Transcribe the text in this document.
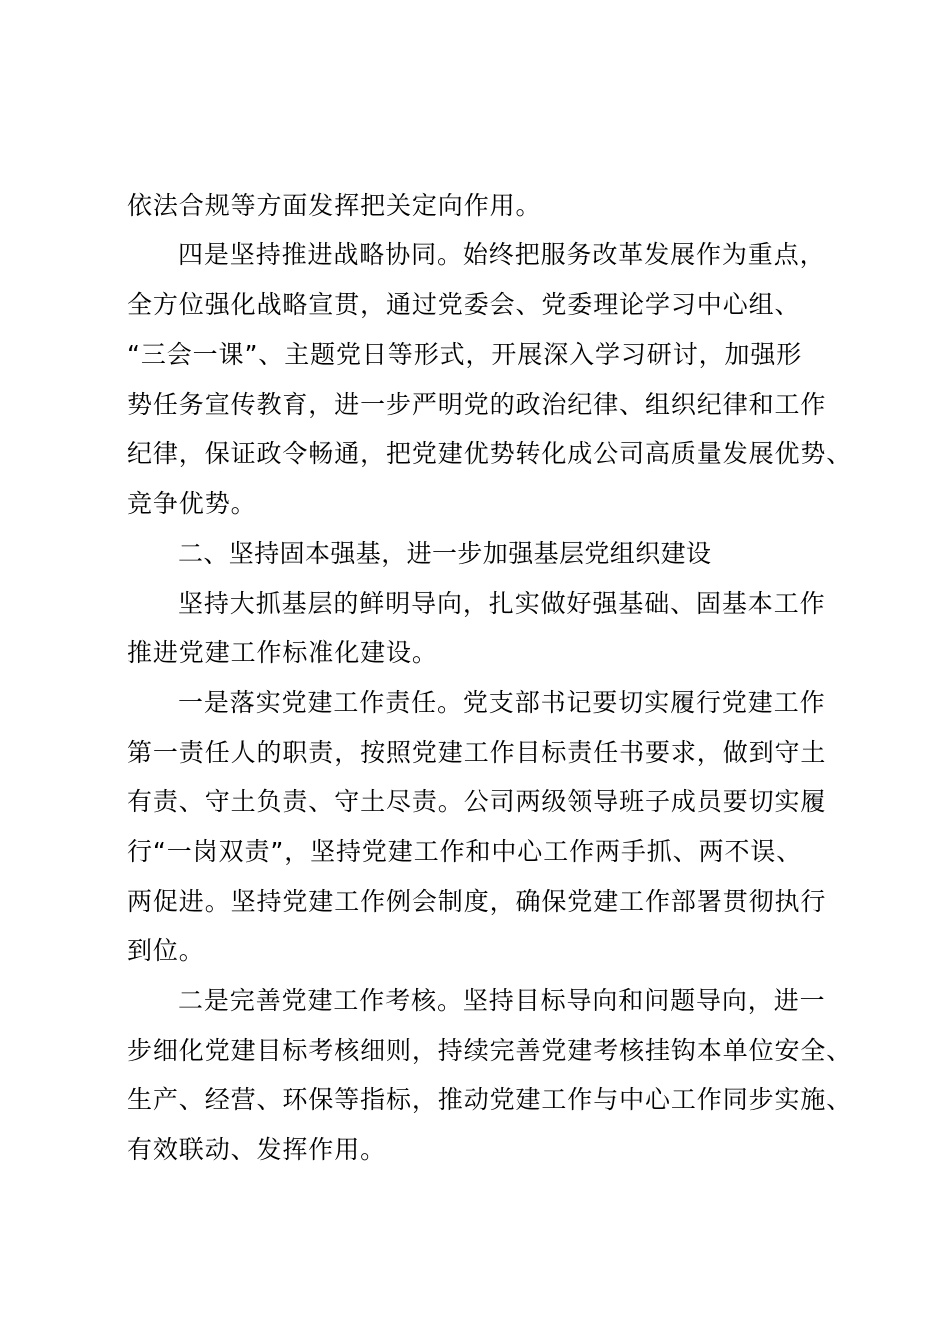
依法合规等方面发挥把关定向作用。
四是坚持推进战略协同。始终把服务改革发展作为重点，
全方位强化战略宣贯，通过党委会、党委理论学习中心组、
“三会一课”、主题党日等形式，开展深入学习研讨，加强形
势任务宣传教育，进一步严明党的政治纪律、组织纪律和工作
纪律，保证政令畅通，把党建优势转化成公司高质量发展优势、
竞争优势。
二、坚持固本强基，进一步加强基层党组织建设
坚持大抓基层的鲜明导向，扎实做好强基础、固基本工作
推进党建工作标准化建设。
一是落实党建工作责任。党支部书记要切实履行党建工作
第一责任人的职责，按照党建工作目标责任书要求，做到守土
有责、守土负责、守土尽责。公司两级领导班子成员要切实履
行“一岗双责”，坚持党建工作和中心工作两手抓、两不误、
两促进。坚持党建工作例会制度，确保党建工作部署贯彻执行
到位。
二是完善党建工作考核。坚持目标导向和问题导向，进一
步细化党建目标考核细则，持续完善党建考核挂钩本单位安全、
生产、经营、环保等指标，推动党建工作与中心工作同步实施、
有效联动、发挥作用。
